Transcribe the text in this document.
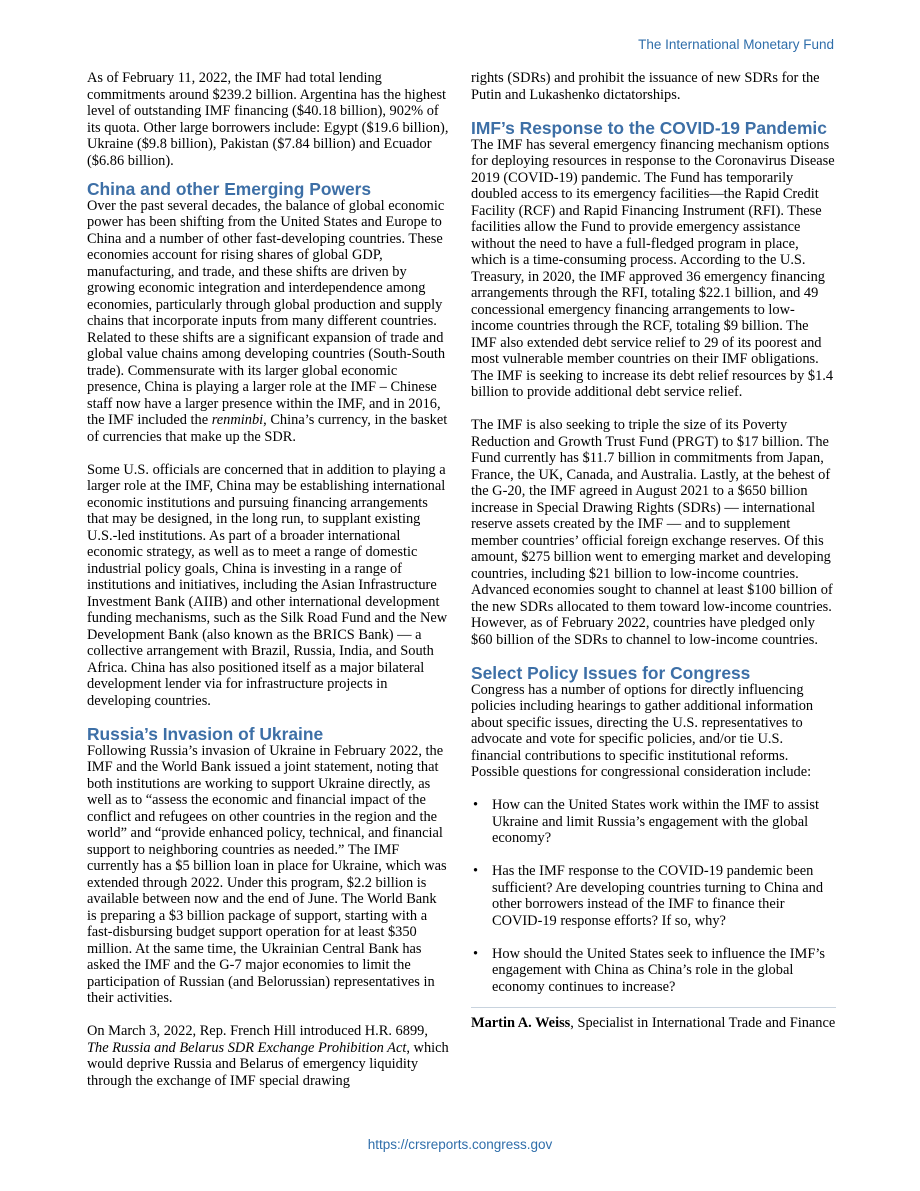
The International Monetary Fund

As of February 11, 2022, the IMF had total lending commitments around $239.2 billion. Argentina has the highest level of outstanding IMF financing ($40.18 billion), 902% of its quota. Other large borrowers include: Egypt ($19.6 billion), Ukraine ($9.8 billion), Pakistan ($7.84 billion) and Ecuador ($6.86 billion).

China and other Emerging Powers

Over the past several decades, the balance of global economic power has been shifting from the United States and Europe to China and a number of other fast-developing countries. These economies account for rising shares of global GDP, manufacturing, and trade, and these shifts are driven by growing economic integration and interdependence among economies, particularly through global production and supply chains that incorporate inputs from many different countries. Related to these shifts are a significant expansion of trade and global value chains among developing countries (South-South trade). Commensurate with its larger global economic presence, China is playing a larger role at the IMF – Chinese staff now have a larger presence within the IMF, and in 2016, the IMF included the renminbi, China’s currency, in the basket of currencies that make up the SDR.

Some U.S. officials are concerned that in addition to playing a larger role at the IMF, China may be establishing international economic institutions and pursuing financing arrangements that may be designed, in the long run, to supplant existing U.S.-led institutions. As part of a broader international economic strategy, as well as to meet a range of domestic industrial policy goals, China is investing in a range of institutions and initiatives, including the Asian Infrastructure Investment Bank (AIIB) and other international development funding mechanisms, such as the Silk Road Fund and the New Development Bank (also known as the BRICS Bank) — a collective arrangement with Brazil, Russia, India, and South Africa. China has also positioned itself as a major bilateral development lender via for infrastructure projects in developing countries.

Russia’s Invasion of Ukraine

Following Russia’s invasion of Ukraine in February 2022, the IMF and the World Bank issued a joint statement, noting that both institutions are working to support Ukraine directly, as well as to “assess the economic and financial impact of the conflict and refugees on other countries in the region and the world” and “provide enhanced policy, technical, and financial support to neighboring countries as needed.” The IMF currently has a $5 billion loan in place for Ukraine, which was extended through 2022. Under this program, $2.2 billion is available between now and the end of June. The World Bank is preparing a $3 billion package of support, starting with a fast-disbursing budget support operation for at least $350 million. At the same time, the Ukrainian Central Bank has asked the IMF and the G-7 major economies to limit the participation of Russian (and Belorussian) representatives in their activities.

On March 3, 2022, Rep. French Hill introduced H.R. 6899, The Russia and Belarus SDR Exchange Prohibition Act, which would deprive Russia and Belarus of emergency liquidity through the exchange of IMF special drawing

rights (SDRs) and prohibit the issuance of new SDRs for the Putin and Lukashenko dictatorships.

IMF’s Response to the COVID-19 Pandemic

The IMF has several emergency financing mechanism options for deploying resources in response to the Coronavirus Disease 2019 (COVID-19) pandemic. The Fund has temporarily doubled access to its emergency facilities—the Rapid Credit Facility (RCF) and Rapid Financing Instrument (RFI). These facilities allow the Fund to provide emergency assistance without the need to have a full-fledged program in place, which is a time-consuming process. According to the U.S. Treasury, in 2020, the IMF approved 36 emergency financing arrangements through the RFI, totaling $22.1 billion, and 49 concessional emergency financing arrangements to low-income countries through the RCF, totaling $9 billion. The IMF also extended debt service relief to 29 of its poorest and most vulnerable member countries on their IMF obligations. The IMF is seeking to increase its debt relief resources by $1.4 billion to provide additional debt service relief.

The IMF is also seeking to triple the size of its Poverty Reduction and Growth Trust Fund (PRGT) to $17 billion. The Fund currently has $11.7 billion in commitments from Japan, France, the UK, Canada, and Australia. Lastly, at the behest of the G-20, the IMF agreed in August 2021 to a $650 billion increase in Special Drawing Rights (SDRs) — international reserve assets created by the IMF — and to supplement member countries’ official foreign exchange reserves. Of this amount, $275 billion went to emerging market and developing countries, including $21 billion to low-income countries. Advanced economies sought to channel at least $100 billion of the new SDRs allocated to them toward low-income countries. However, as of February 2022, countries have pledged only $60 billion of the SDRs to channel to low-income countries.

Select Policy Issues for Congress

Congress has a number of options for directly influencing policies including hearings to gather additional information about specific issues, directing the U.S. representatives to advocate and vote for specific policies, and/or tie U.S. financial contributions to specific institutional reforms. Possible questions for congressional consideration include:

• How can the United States work within the IMF to assist Ukraine and limit Russia’s engagement with the global economy?
• Has the IMF response to the COVID-19 pandemic been sufficient? Are developing countries turning to China and other borrowers instead of the IMF to finance their COVID-19 response efforts? If so, why?
• How should the United States seek to influence the IMF’s engagement with China as China’s role in the global economy continues to increase?

Martin A. Weiss, Specialist in International Trade and Finance

https://crsreports.congress.gov
